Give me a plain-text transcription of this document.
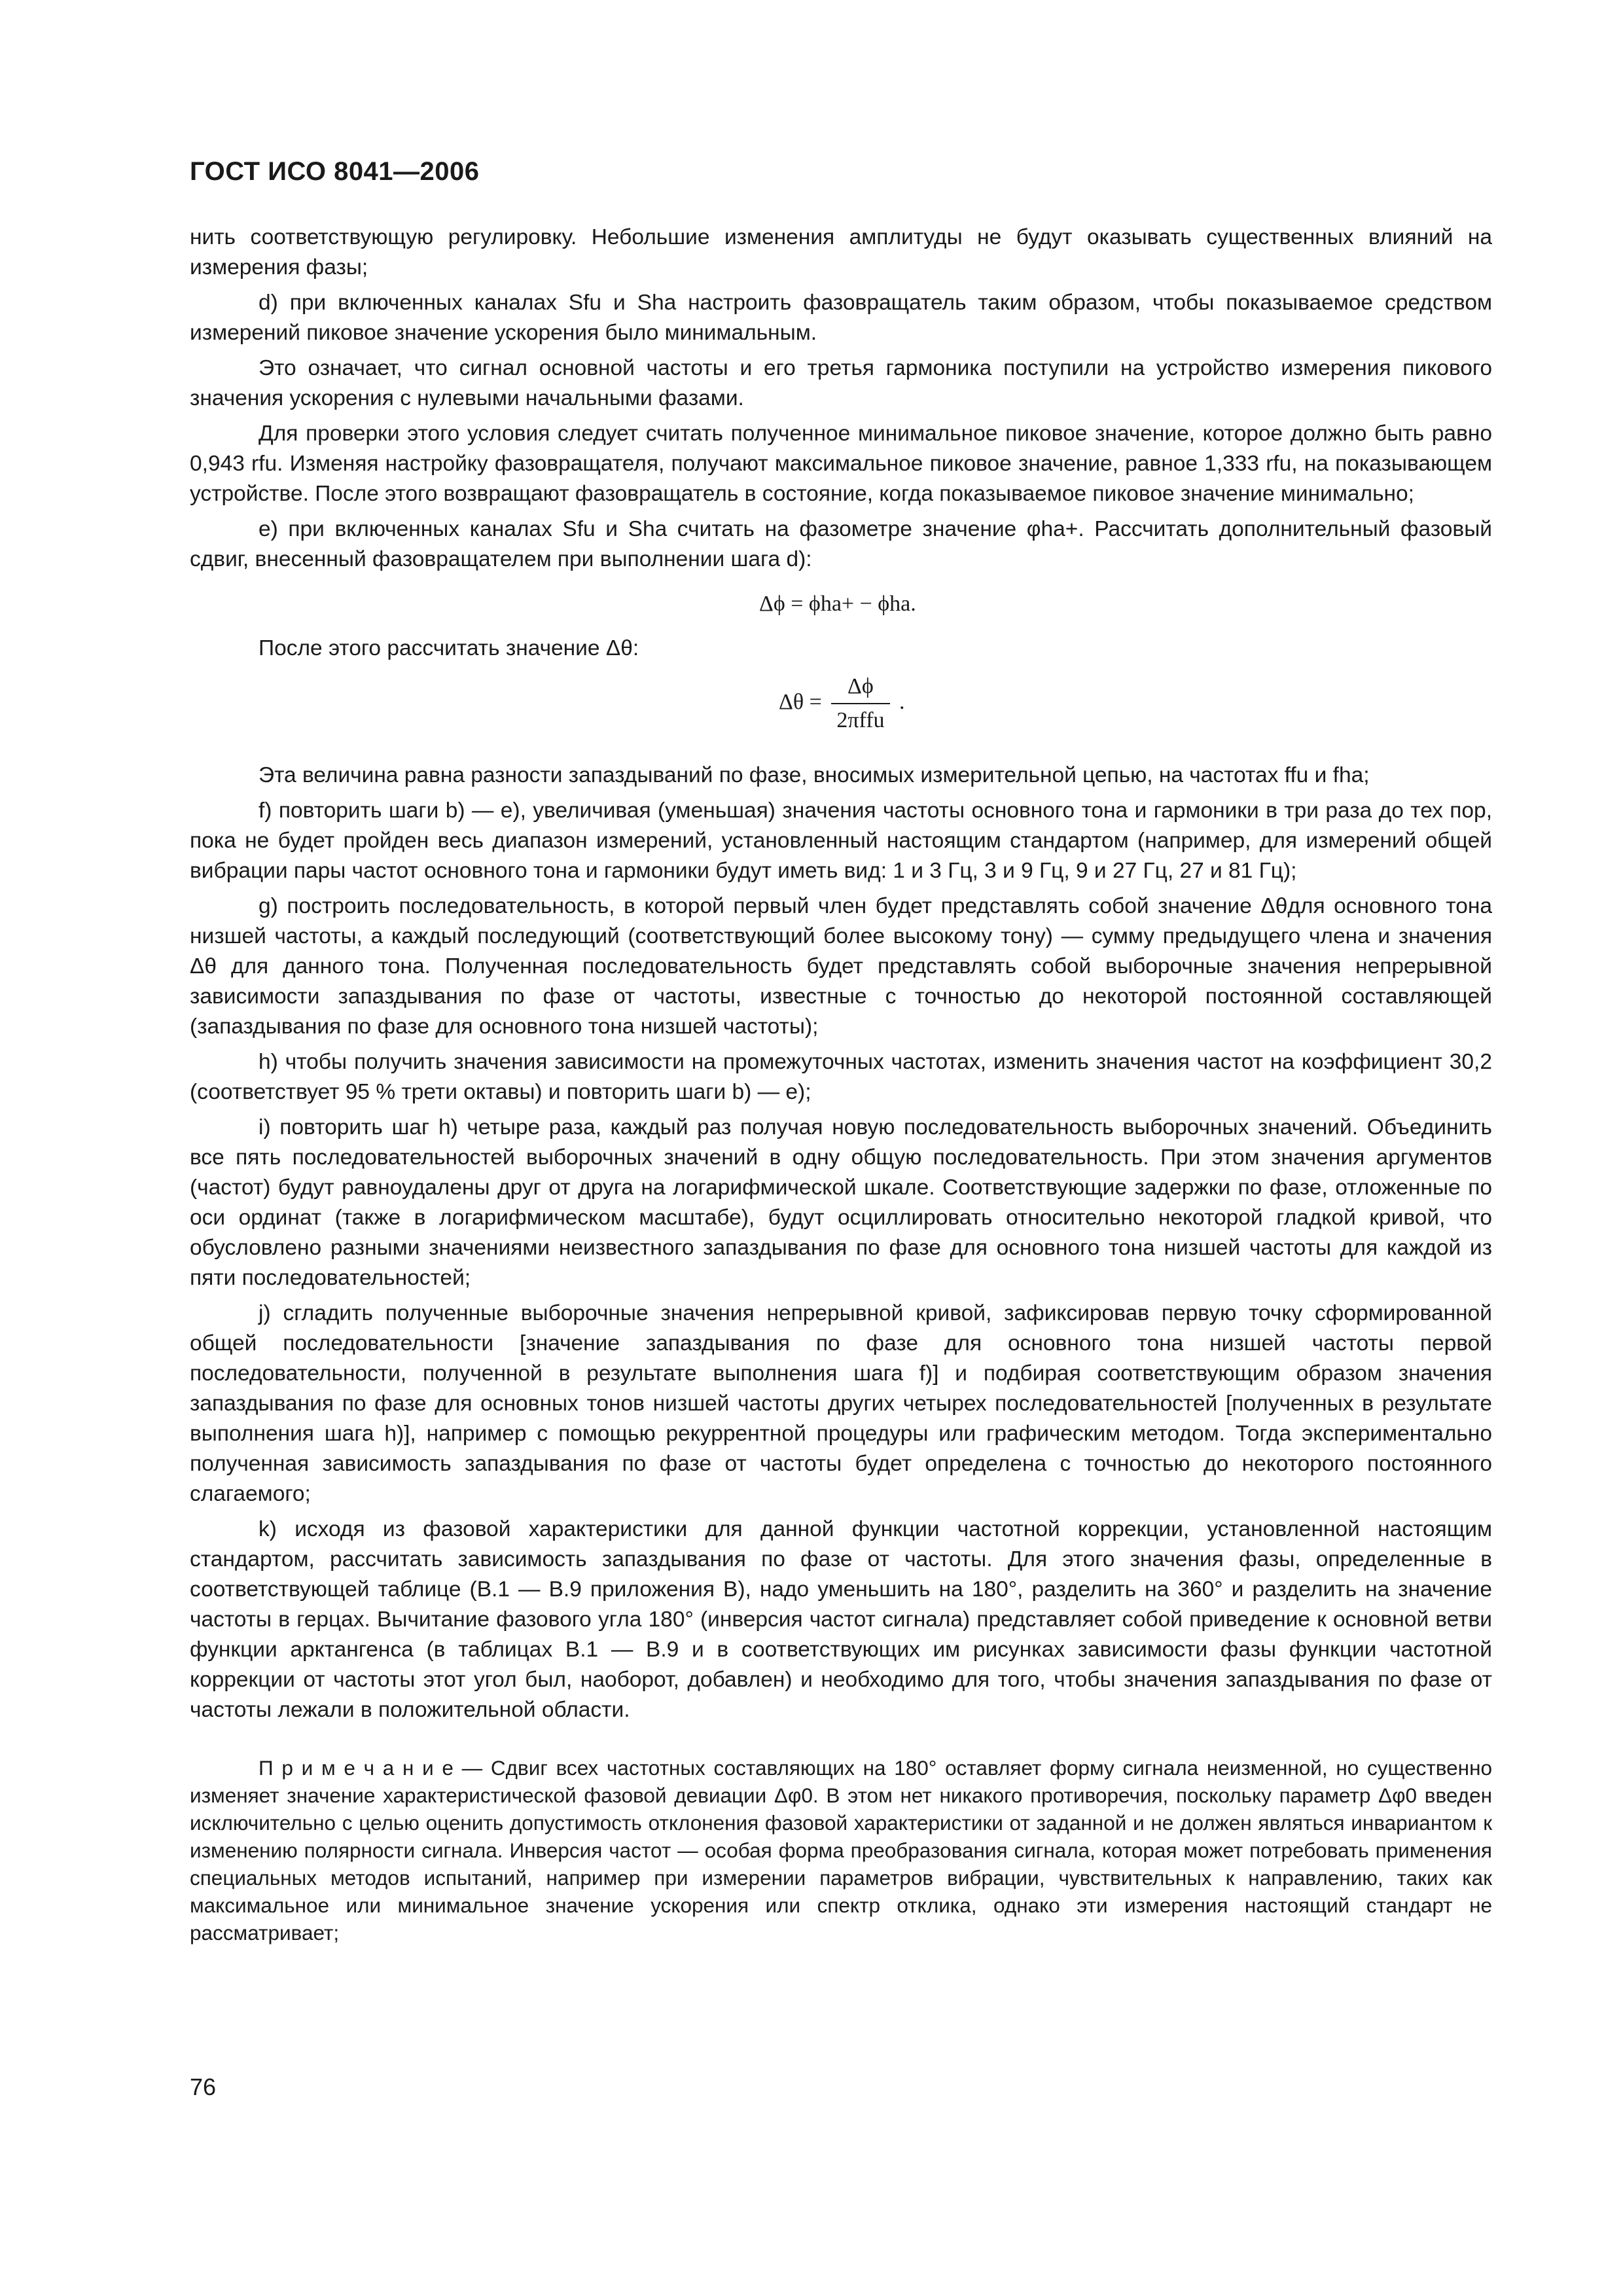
ГОСТ ИСО 8041—2006

нить соответствующую регулировку. Небольшие изменения амплитуды не будут оказывать существенных влияний на измерения фазы;

d) при включенных каналах Sfu и Sha настроить фазовращатель таким образом, чтобы показываемое средством измерений пиковое значение ускорения было минимальным.

Это означает, что сигнал основной частоты и его третья гармоника поступили на устройство измерения пикового значения ускорения с нулевыми начальными фазами.

Для проверки этого условия следует считать полученное минимальное пиковое значение, которое должно быть равно 0,943 rfu. Изменяя настройку фазовращателя, получают максимальное пиковое значение, равное 1,333 rfu, на показывающем устройстве. После этого возвращают фазовращатель в состояние, когда показываемое пиковое значение минимально;

e) при включенных каналах Sfu и Sha считать на фазометре значение φha+. Рассчитать дополнительный фазовый сдвиг, внесенный фазовращателем при выполнении шага d):

Δϕ = ϕha+ − ϕha.

После этого рассчитать значение Δθ:

$\Delta\theta = \frac{\Delta\phi}{\text{2πffu}}$ .

Эта величина равна разности запаздываний по фазе, вносимых измерительной цепью, на частотах ffu и fha;

f) повторить шаги b) — e), увеличивая (уменьшая) значения частоты основного тона и гармоники в три раза до тех пор, пока не будет пройден весь диапазон измерений, установленный настоящим стандартом (например, для измерений общей вибрации пары частот основного тона и гармоники будут иметь вид: 1 и 3 Гц, 3 и 9 Гц, 9 и 27 Гц, 27 и 81 Гц);

g) построить последовательность, в которой первый член будет представлять собой значение Δθдля основного тона низшей частоты, а каждый последующий (соответствующий более высокому тону) — сумму предыдущего члена и значения Δθ для данного тона. Полученная последовательность будет представлять собой выборочные значения непрерывной зависимости запаздывания по фазе от частоты, известные с точностью до некоторой постоянной составляющей (запаздывания по фазе для основного тона низшей частоты);

h) чтобы получить значения зависимости на промежуточных частотах, изменить значения частот на коэффициент 30,2 (соответствует 95 % трети октавы) и повторить шаги b) — e);

i) повторить шаг h) четыре раза, каждый раз получая новую последовательность выборочных значений. Объединить все пять последовательностей выборочных значений в одну общую последовательность. При этом значения аргументов (частот) будут равноудалены друг от друга на логарифмической шкале. Соответствующие задержки по фазе, отложенные по оси ординат (также в логарифмическом масштабе), будут осциллировать относительно некоторой гладкой кривой, что обусловлено разными значениями неизвестного запаздывания по фазе для основного тона низшей частоты для каждой из пяти последовательностей;

j) сгладить полученные выборочные значения непрерывной кривой, зафиксировав первую точку сформированной общей последовательности [значение запаздывания по фазе для основного тона низшей частоты первой последовательности, полученной в результате выполнения шага f)] и подбирая соответствующим образом значения запаздывания по фазе для основных тонов низшей частоты других четырех последовательностей [полученных в результате выполнения шага h)], например с помощью рекуррентной процедуры или графическим методом. Тогда экспериментально полученная зависимость запаздывания по фазе от частоты будет определена с точностью до некоторого постоянного слагаемого;

k) исходя из фазовой характеристики для данной функции частотной коррекции, установленной настоящим стандартом, рассчитать зависимость запаздывания по фазе от частоты. Для этого значения фазы, определенные в соответствующей таблице (В.1 — В.9 приложения В), надо уменьшить на 180°, разделить на 360° и разделить на значение частоты в герцах. Вычитание фазового угла 180° (инверсия частот сигнала) представляет собой приведение к основной ветви функции арктангенса (в таблицах В.1 — В.9 и в соответствующих им рисунках зависимости фазы функции частотной коррекции от частоты этот угол был, наоборот, добавлен) и необходимо для того, чтобы значения запаздывания по фазе от частоты лежали в положительной области.

П р и м е ч а н и е — Сдвиг всех частотных составляющих на 180° оставляет форму сигнала неизменной, но существенно изменяет значение характеристической фазовой девиации Δφ0. В этом нет никакого противоречия, поскольку параметр Δφ0 введен исключительно с целью оценить допустимость отклонения фазовой характеристики от заданной и не должен являться инвариантом к изменению полярности сигнала. Инверсия частот — особая форма преобразования сигнала, которая может потребовать применения специальных методов испытаний, например при измерении параметров вибрации, чувствительных к направлению, таких как максимальное или минимальное значение ускорения или спектр отклика, однако эти измерения настоящий стандарт не рассматривает;

76
